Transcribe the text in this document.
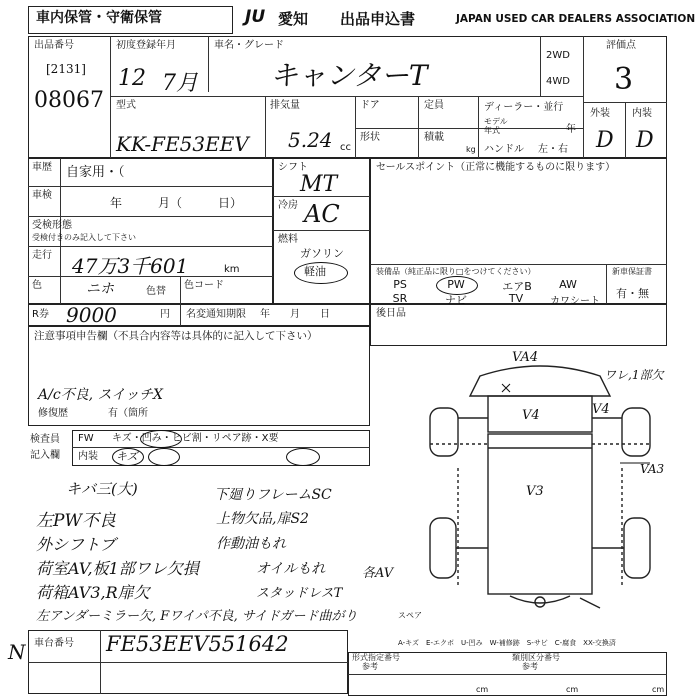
車内保管・守衛保管	JU 愛知 出品申込書	JAPAN USED CAR DEALERS ASSOCIATION
出品番号
[2131]
08067
初度登録年月
12 7月
車名・グレード
キャンターT
2WD
4WD
評価点
3
型式
KK-FE53EEV
排気量
5.24 cc
ドア	定員	ディーラー・並行
モデル
年式	年
形状	積載
kg ハンドル 左・右
外装 内装
D D
車歴 自家用・（
車検
年　　　月（　　　日）
受検形態
受検付きのみ記入して下さい
走行 47万3千601	km
色	ニホ	色替
色コード
シフト
MT
冷房 AC
燃料
ガソリン
軽油
セールスポイント（正常に機能するものに限ります）
装備品（純正品に限り□をつけてください）
PS	PW	エアB	AW
SR	ナビ	TV	カワシート
新車保証書
有・無
R券 9000	円 名変通知期限 年　　月　　日	後日品
注意事項申告欄（不具合内容等は具体的に記入して下さい）
A/c不良, スイッチX
修復歴	有（箇所
検査員
記入欄
FW キズ・凹み・ヒビ割・リペア跡・X要
内装 キズ
キバ三(大)
左PW不良
外シフトブ
荷室AV,板1部ワレ欠損
荷箱AV3,R扉欠
左アンダーミラー欠, Fワイパ不良, サイドガード曲がり
下廻りフレームSC
上物欠品,扉S2
作動油もれ
オイルもれ
スタッドレスT
各AV
VA4
ワレ,1部欠
V4	V4
V3
VA3
スペア
A-キズ　E-エクボ　U-凹み　W-補修跡　S-サビ　C-腐食　XX-交換済
車台番号 FE53EEV551642
N	形式指定番号
参考
類別区分番号
参考
cm	cm	cm
